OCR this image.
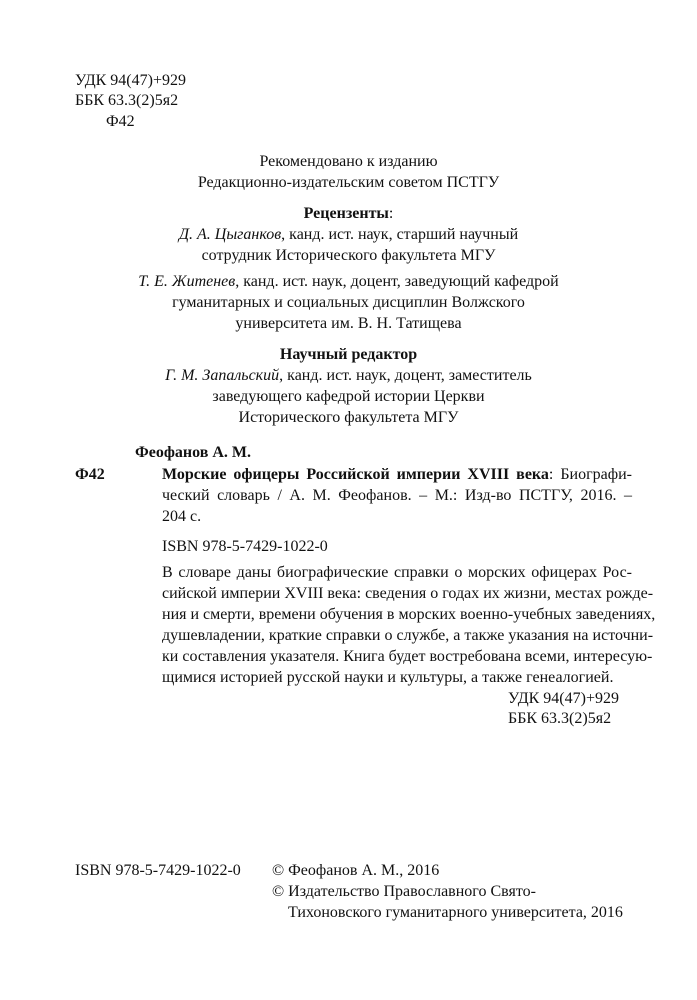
УДК 94(47)+929
ББК 63.3(2)5я2
Ф42
Рекомендовано к изданию
Редакционно-издательским советом ПСТГУ
Рецензенты:
Д. А. Цыганков, канд. ист. наук, старший научный
сотрудник Исторического факультета МГУ
Т. Е. Житенев, канд. ист. наук, доцент, заведующий кафедрой
гуманитарных и социальных дисциплин Волжского
университета им. В. Н. Татищева
Научный редактор
Г. М. Запальский, канд. ист. наук, доцент, заместитель
заведующего кафедрой истории Церкви
Исторического факультета МГУ
Феофанов А. М.
Ф42	Морские офицеры Российской империи XVIII века: Биографи-
ческий словарь / А. М. Феофанов. – М.: Изд-во ПСТГУ, 2016. –
204 с.
ISBN 978-5-7429-1022-0
В словаре даны биографические справки о морских офицерах Рос-
сийской империи XVIII века: сведения о годах их жизни, местах рожде-
ния и смерти, времени обучения в морских военно-учебных заведениях,
душевладении, краткие справки о службе, а также указания на источни-
ки составления указателя. Книга будет востребована всеми, интересую-
щимися историей русской науки и культуры, а также генеалогией.
УДК 94(47)+929
ББК 63.3(2)5я2
ISBN 978-5-7429-1022-0 © Феофанов А. М., 2016
© Издательство Православного Свято-
Тихоновского гуманитарного университета, 2016
